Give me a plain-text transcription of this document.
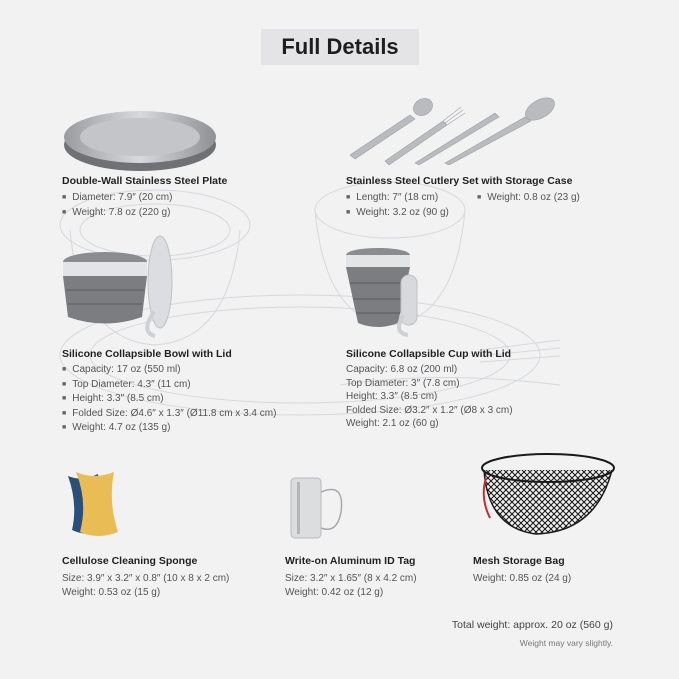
Full Details
Double-Wall Stainless Steel Plate
■ Diameter: 7.9″ (20 cm)
■ Weight: 7.8 oz (220 g)
Stainless Steel Cutlery Set with Storage Case
■ Length: 7″ (18 cm)
■ Weight: 3.2 oz (90 g)
■ Weight: 0.8 oz (23 g)
Silicone Collapsible Bowl with Lid
■ Capacity: 17 oz (550 ml)
■ Top Diameter: 4.3″ (11 cm)
■ Height: 3.3″ (8.5 cm)
■ Folded Size: Ø4.6″ x 1.3″ (Ø11.8 cm x 3.4 cm)
■ Weight: 4.7 oz (135 g)
Silicone Collapsible Cup with Lid
Capacity: 6.8 oz (200 ml)
Top Diameter: 3″ (7.8 cm)
Height: 3.3″ (8.5 cm)
Folded Size: Ø3.2″ x 1.2″ (Ø8 x 3 cm)
Weight: 2.1 oz (60 g)
Cellulose Cleaning Sponge
Size: 3.9″ x 3.2″ x 0.8″ (10 x 8 x 2 cm)
Weight: 0.53 oz (15 g)
Write-on Aluminum ID Tag
Size: 3.2″ x 1.65″ (8 x 4.2 cm)
Weight: 0.42 oz (12 g)
Mesh Storage Bag
Weight: 0.85 oz (24 g)
Total weight: approx. 20 oz (560 g)
Weight may vary slightly.
